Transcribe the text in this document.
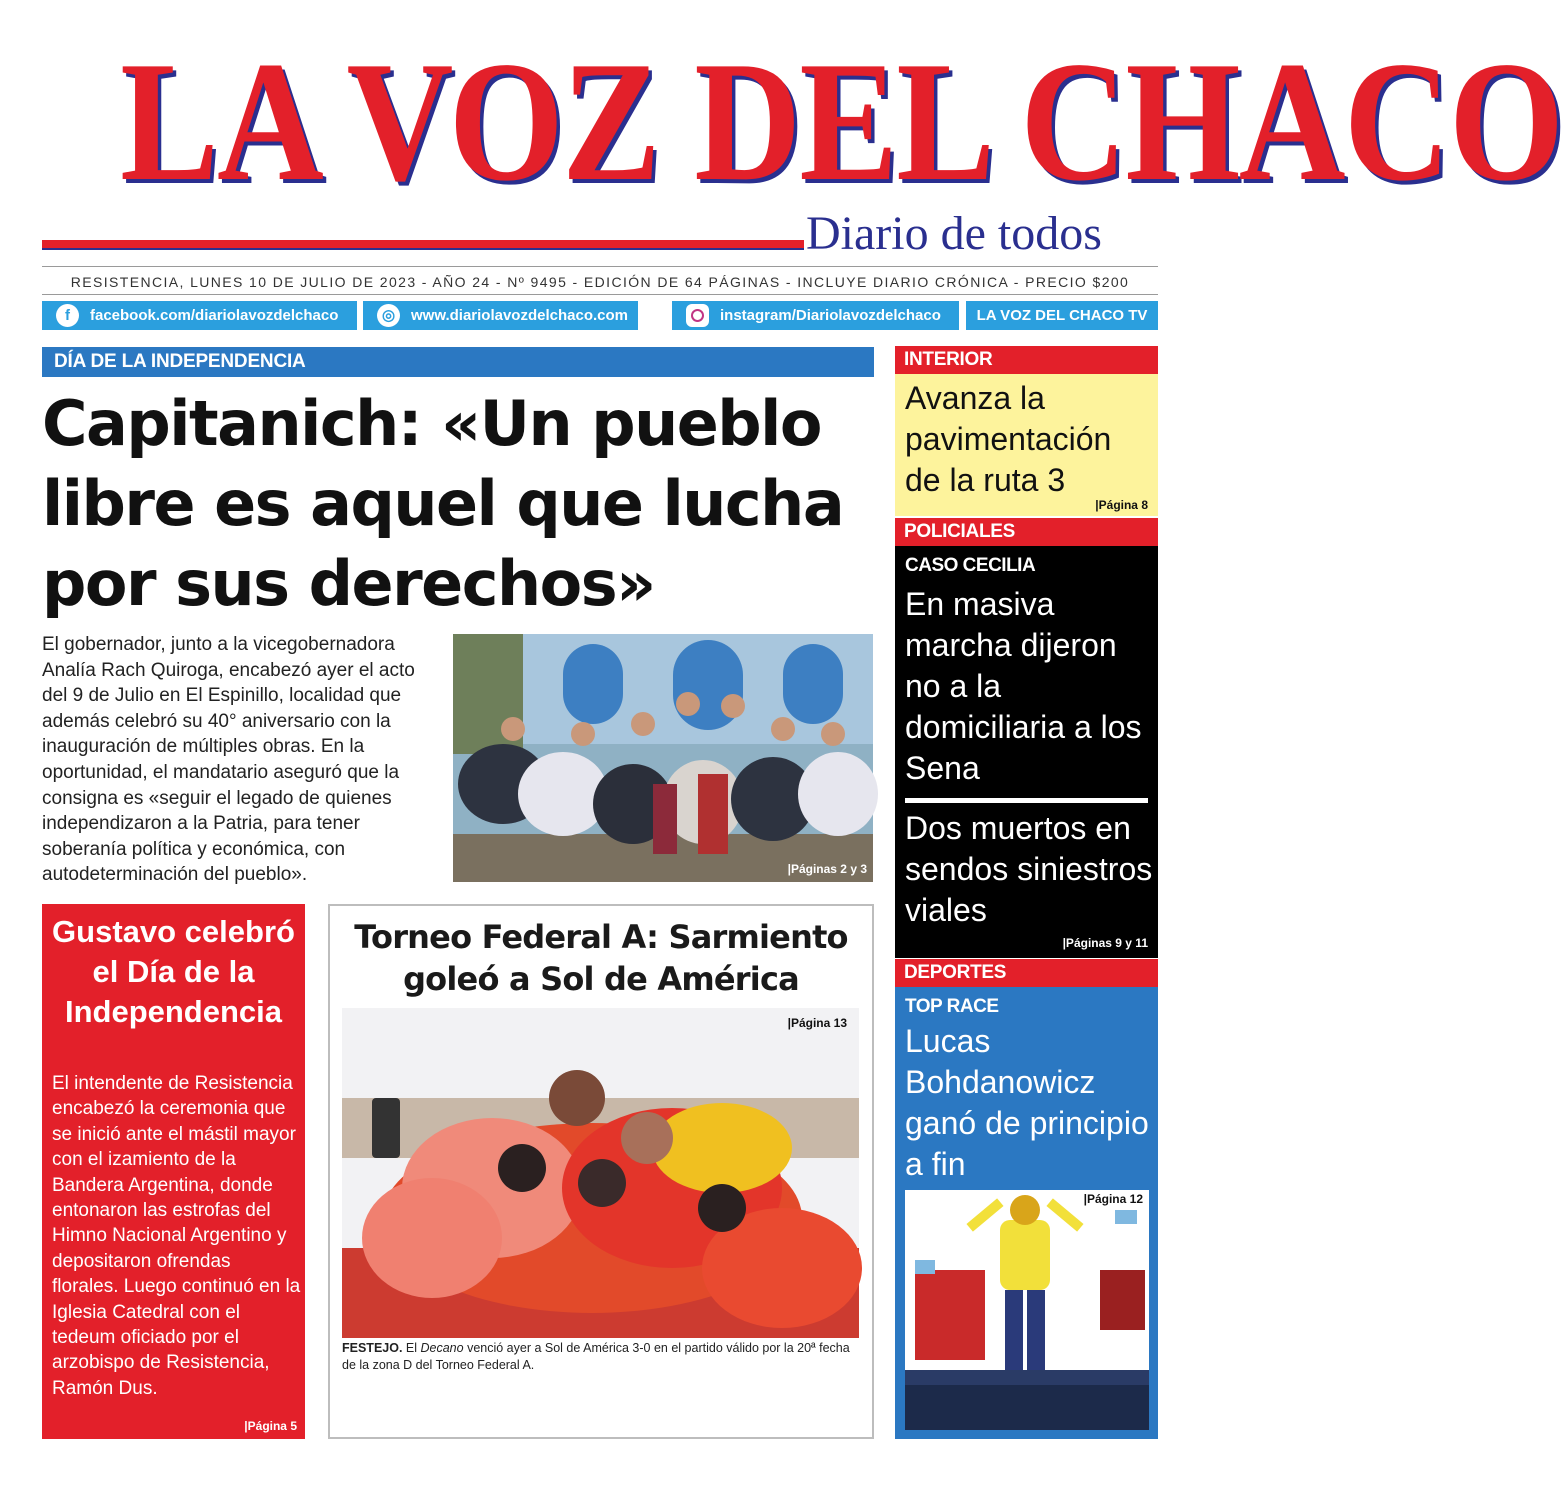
LA VOZ DEL CHACO
Diario de todos
RESISTENCIA, LUNES 10 DE JULIO DE 2023 - AÑO 24 - Nº 9495 - EDICIÓN DE 64 PÁGINAS - INCLUYE DIARIO CRÓNICA - PRECIO $200
f	facebook.com/diariolavozdelchaco	◎	www.diariolavozdelchaco.com	instagram/Diariolavozdelchaco	LA VOZ DEL CHACO TV
DÍA DE LA INDEPENDENCIA
Capitanich: «Un pueblo libre es aquel que lucha por sus derechos»
El gobernador, junto a la vicegobernadora Analía Rach Quiroga, encabezó ayer el acto del 9 de Julio en El Espinillo, localidad que además celebró su 40° aniversario con la inauguración de múltiples obras. En la oportunidad, el mandatario aseguró que la consigna es «seguir el legado de quienes independizaron a la Patria, para tener soberanía política y económica, con autodeterminación del pueblo».	|Páginas 2 y 3
Gustavo celebró el Día de la Independencia
El intendente de Resistencia encabezó la ceremonia que se inició ante el mástil mayor con el izamiento de la Bandera Argentina, donde entonaron las estrofas del Himno Nacional Argentino y depositaron ofrendas florales. Luego continuó en la Iglesia Catedral con el tedeum oficiado por el arzobispo de Resistencia, Ramón Dus.
|Página 5
Torneo Federal A: Sarmiento goleó a Sol de América
|Página 13
FESTEJO. El Decano venció ayer a Sol de América 3-0 en el partido válido por la 20ª fecha de la zona D del Torneo Federal A.
INTERIOR
Avanza la pavimentación de la ruta 3
|Página 8
POLICIALES
CASO CECILIA
En masiva marcha dijeron no a la domiciliaria a los Sena
Dos muertos en sendos siniestros viales
|Páginas 9 y 11
DEPORTES
TOP RACE
Lucas Bohdanowicz ganó de principio a fin
|Página 12
